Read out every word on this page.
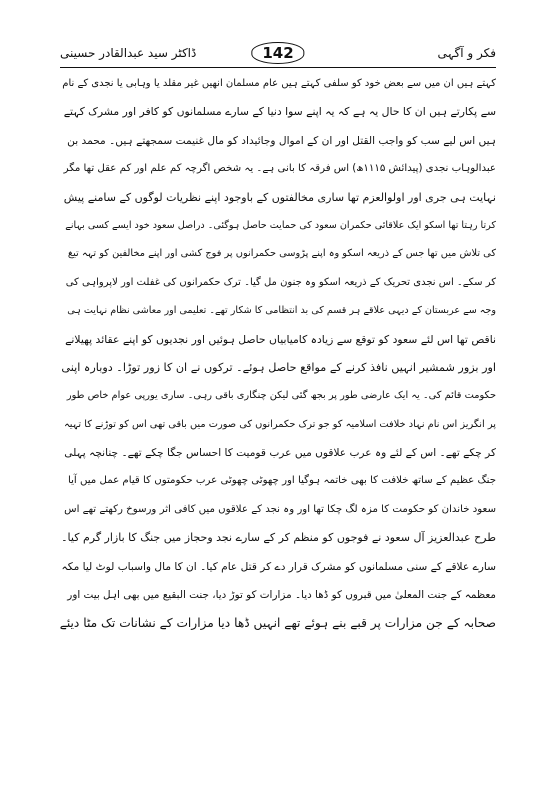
ڈاکٹر سید عبدالقادر حسینی	142	فکر و آگہی
کہتے ہیں ان میں سے بعض خود کو سلفی کہتے ہیں عام مسلمان انھیں غیر مقلد یا وہابی یا نجدی کے نام
سے پکارتے ہیں ان کا حال یہ ہے کہ یہ اپنے سوا دنیا کے سارے مسلمانوں کو کافر اور مشرک کہتے
ہیں اس لیے سب کو واجب القتل اور ان کے اموال وجائیداد کو مال غنیمت سمجھتے ہیں۔ محمد بن
عبدالوہاب نجدی (پیدائش ۱۱۱۵ھ) اس فرقہ کا بانی ہے۔ یہ شخص اگرچہ کم علم اور کم عقل تھا مگر
نہایت ہی جری اور اولوالعزم تھا ساری مخالفتوں کے باوجود اپنے نظریات لوگوں کے سامنے پیش
کرتا رہتا تھا اسکو ایک علاقائی حکمران سعود کی حمایت حاصل ہوگئی۔ دراصل سعود خود ایسے کسی بہانے
کی تلاش میں تھا جس کے ذریعہ اسکو وہ اپنے پڑوسی حکمرانوں پر فوج کشی اور اپنے مخالفین کو تہہ تیغ
کر سکے۔ اس نجدی تحریک کے ذریعہ اسکو وہ جنون مل گیا۔ ترک حکمرانوں کی غفلت اور لاپرواہی کی
وجہ سے عربستان کے دیہی علاقے ہر قسم کی بد انتظامی کا شکار تھے۔ تعلیمی اور معاشی نظام نہایت ہی
ناقص تھا اس لئے سعود کو توقع سے زیادہ کامیابیاں حاصل ہوئیں اور نجدیوں کو اپنے عقائد پھیلانے
اور بزور شمشیر انہیں نافذ کرنے کے مواقع حاصل ہوئے۔ ترکوں نے ان کا زور توڑا۔ دوبارہ اپنی
حکومت قائم کی۔ یہ ایک عارضی طور پر بجھ گئی لیکن چنگاری باقی رہی۔ ساری یورپی عوام خاص طور
پر انگریز اس نام نہاد خلافت اسلامیہ کو جو ترک حکمرانوں کی صورت میں باقی تھی اس کو توڑنے کا تہیہ
کر چکے تھے۔ اس کے لئے وہ عرب علاقوں میں عرب قومیت کا احساس جگا چکے تھے۔ چنانچہ پہلی
جنگ عظیم کے ساتھ خلافت کا بھی خاتمہ ہوگیا اور چھوٹی چھوٹی عرب حکومتوں کا قیام عمل میں آیا
سعود خاندان کو حکومت کا مزہ لگ چکا تھا اور وہ نجد کے علاقوں میں کافی اثر ورسوخ رکھتے تھے اس
طرح عبدالعزیز آل سعود نے فوجوں کو منظم کر کے سارے نجد وحجاز میں جنگ کا بازار گرم کیا۔
سارے علاقے کے سنی مسلمانوں کو مشرک قرار دے کر قتل عام کیا۔ ان کا مال واسباب لوٹ لیا مکہ
معظمہ کے جنت المعلیٰ میں قبروں کو ڈھا دیا۔ مزارات کو توڑ دیا، جنت البقیع میں بھی اہل بیت اور
صحابہ کے جن مزارات پر قبے بنے ہوئے تھے انہیں ڈھا دیا مزارات کے نشانات تک مٹا دیئے
